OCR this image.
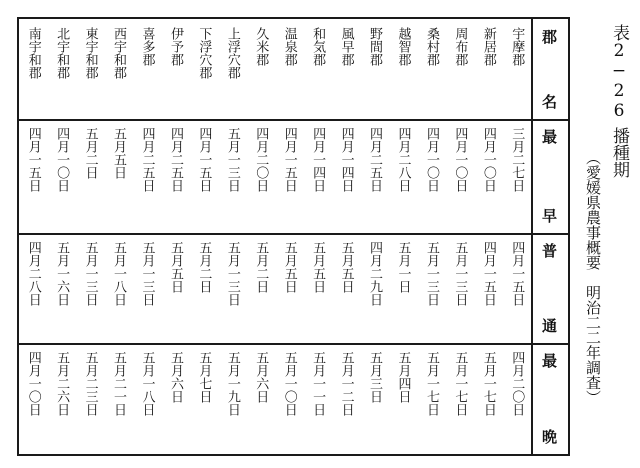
郡
名
最
早
普
通
最
晩
宇摩郡
三月二七日
四月一五日
四月二〇日
新居郡
四月一〇日
四月一五日
五月一七日
周布郡
四月一〇日
五月一三日
五月一七日
桑村郡
四月一〇日
五月一三日
五月一七日
越智郡
四月二八日
五月一日
五月四日
野間郡
四月二五日
四月二九日
五月三日
風早郡
四月一四日
五月五日
五月一二日
和気郡
四月一四日
五月五日
五月一一日
温泉郡
四月一五日
五月五日
五月一〇日
久米郡
四月二〇日
五月二日
五月六日
上浮穴郡
五月一三日
五月一三日
五月一九日
下浮穴郡
四月一五日
五月二日
五月七日
伊予郡
四月二五日
五月五日
五月六日
喜多郡
四月二五日
五月一三日
五月一八日
西宇和郡
五月五日
五月一八日
五月二一日
東宇和郡
五月二日
五月一三日
五月二三日
北宇和郡
四月一〇日
五月一六日
五月二六日
南宇和郡
四月一五日
四月二八日
四月一〇日
表2−26播種期
（愛媛県農事概要　明治二二年調査）
